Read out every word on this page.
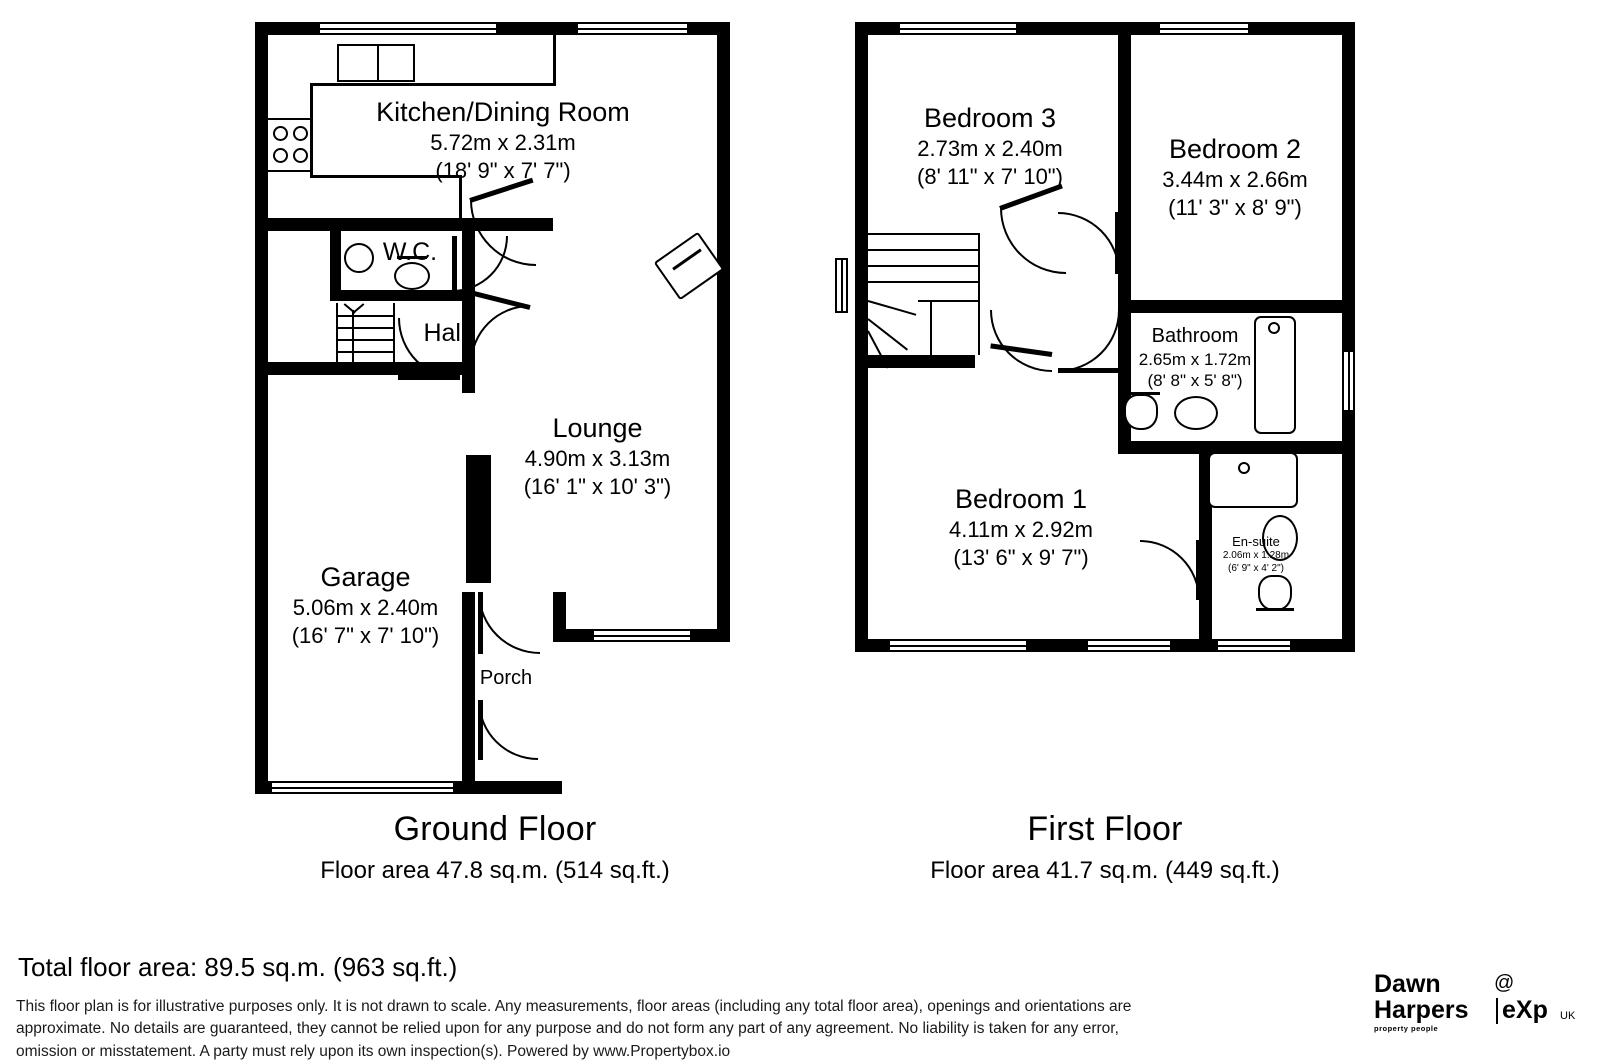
Kitchen/Dining Room
5.72m x 2.31m
(18' 9" x 7' 7")
W.C.
Hall
Lounge
4.90m x 3.13m
(16' 1" x 10' 3")
Garage
5.06m x 2.40m
(16' 7" x 7' 10")
Porch
Ground Floor
Floor area 47.8 sq.m. (514 sq.ft.)
Bedroom 3
2.73m x 2.40m
(8' 11" x 7' 10")
Bedroom 2
3.44m x 2.66m
(11' 3" x 8' 9")
Bathroom
2.65m x 1.72m
(8' 8" x 5' 8")
Bedroom 1
4.11m x 2.92m
(13' 6" x 9' 7")
En-suite
2.06m x 1.28m
(6' 9" x 4' 2")
First Floor
Floor area 41.7 sq.m. (449 sq.ft.)
Total floor area: 89.5 sq.m. (963 sq.ft.)
This floor plan is for illustrative purposes only. It is not drawn to scale. Any measurements, floor areas (including any total floor area), openings and orientations are approximate. No details are guaranteed, they cannot be relied upon for any purpose and do not form any part of any agreement. No liability is taken for any error, omission or misstatement. A party must rely upon its own inspection(s). Powered by www.Propertybox.io
Dawn	@
Harpers
property people
eXp UK
